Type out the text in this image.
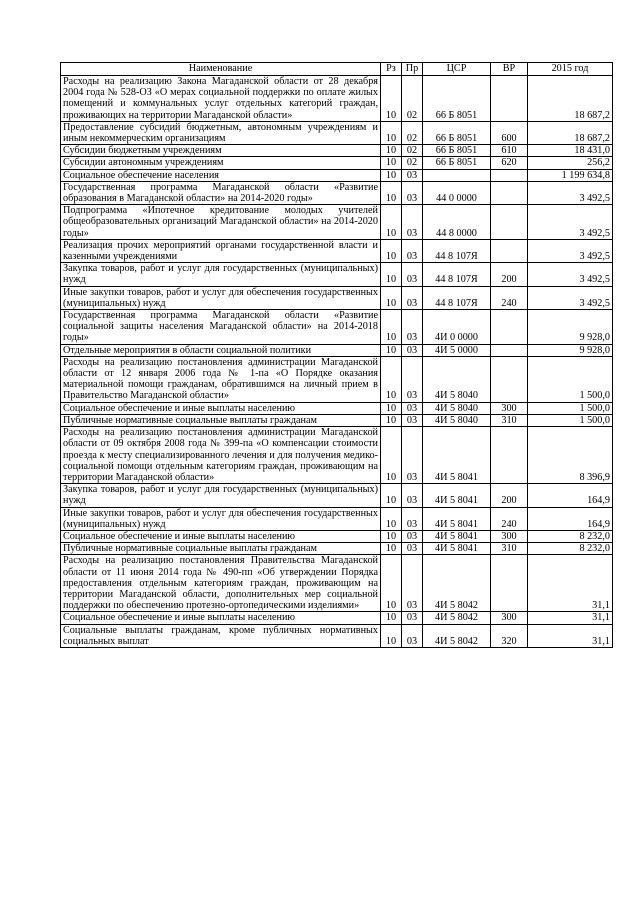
Наименование	Рз	Пр	ЦСР	ВР	2015 год
Расходы на реализацию Закона Магаданской области от 28 декабря 2004 года № 528-ОЗ «О мерах социальной поддержки по оплате жилых помещений и коммунальных услуг отдельных категорий граждан, проживающих на территории Магаданской области»	10	02	66 Б 8051		18 687,2
Предоставление субсидий бюджетным, автономным учреждениям и иным некоммерческим организациям	10	02	66 Б 8051	600	18 687,2
Субсидии бюджетным учреждениям	10	02	66 Б 8051	610	18 431,0
Субсидии автономным учреждениям	10	02	66 Б 8051	620	256,2
Социальное обеспечение населения	10	03			1 199 634,8
Государственная программа Магаданской области «Развитие образования в Магаданской области» на 2014-2020 годы»	10	03	44 0 0000		3 492,5
Подпрограмма «Ипотечное кредитование молодых учителей общеобразовательных организаций Магаданской области» на 2014-2020 годы»	10	03	44 8 0000		3 492,5
Реализация прочих мероприятий органами государственной власти и казенными учреждениями	10	03	44 8 107Я		3 492,5
Закупка товаров, работ и услуг для государственных (муниципальных) нужд	10	03	44 8 107Я	200	3 492,5
Иные закупки товаров, работ и услуг для обеспечения государственных (муниципальных) нужд	10	03	44 8 107Я	240	3 492,5
Государственная программа Магаданской области «Развитие социальной защиты населения Магаданской области» на 2014-2018 годы»	10	03	4И 0 0000		9 928,0
Отдельные мероприятия в области социальной политики	10	03	4И 5 0000		9 928,0
Расходы на реализацию постановления администрации Магаданской области от 12 января 2006 года № 1-па «О Порядке оказания материальной помощи гражданам, обратившимся на личный прием в Правительство Магаданской области»	10	03	4И 5 8040		1 500,0
Социальное обеспечение и иные выплаты населению	10	03	4И 5 8040	300	1 500,0
Публичные нормативные социальные выплаты гражданам	10	03	4И 5 8040	310	1 500,0
Расходы на реализацию постановления администрации Магаданской области от 09 октября 2008 года № 399-па «О компенсации стоимости проезда к месту специализированного лечения и для получения медико-социальной помощи отдельным категориям граждан, проживающим на территории Магаданской области»	10	03	4И 5 8041		8 396,9
Закупка товаров, работ и услуг для государственных (муниципальных) нужд	10	03	4И 5 8041	200	164,9
Иные закупки товаров, работ и услуг для обеспечения государственных (муниципальных) нужд	10	03	4И 5 8041	240	164,9
Социальное обеспечение и иные выплаты населению	10	03	4И 5 8041	300	8 232,0
Публичные нормативные социальные выплаты гражданам	10	03	4И 5 8041	310	8 232,0
Расходы на реализацию постановления Правительства Магаданской области от 11 июня 2014 года № 490-пп «Об утверждении Порядка предоставления отдельным категориям граждан, проживающим на территории Магаданской области, дополнительных мер социальной поддержки по обеспечению протезно-ортопедическими изделиями»	10	03	4И 5 8042		31,1
Социальное обеспечение и иные выплаты населению	10	03	4И 5 8042	300	31,1
Социальные выплаты гражданам, кроме публичных нормативных социальных выплат	10	03	4И 5 8042	320	31,1
